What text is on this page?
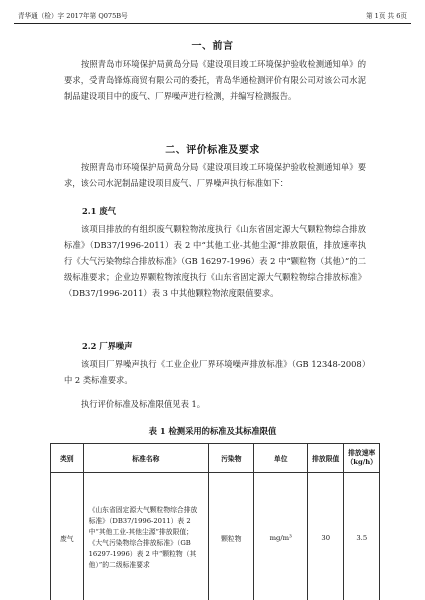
青华通（检）字 2017年第 Q075B号	第 1页 共 6页
一、前言

按照青岛市环境保护局黄岛分局《建设项目竣工环境保护验收检测通知单》的要求，受青岛锋炼商贸有限公司的委托，青岛华通检测评价有限公司对该公司水泥制品建设项目中的废气、厂界噪声进行检测，并编写检测报告。

二、评价标准及要求

按照青岛市环境保护局黄岛分局《建设项目竣工环境保护验收检测通知单》要求，该公司水泥制品建设项目废气、厂界噪声执行标准如下：

2.1 废气

该项目排放的有组织废气颗粒物浓度执行《山东省固定源大气颗粒物综合排放标准》（DB37/1996-2011）表 2 中“其他工业-其他尘源”排放限值，排放速率执行《大气污染物综合排放标准》（GB 16297-1996）表 2 中“颗粒物（其他）”的二级标准要求；企业边界颗粒物浓度执行《山东省固定源大气颗粒物综合排放标准》（DB37/1996-2011）表 3 中其他颗粒物浓度限值要求。

2.2 厂界噪声

该项目厂界噪声执行《工业企业厂界环境噪声排放标准》（GB 12348-2008）中 2 类标准要求。

执行评价标准及标准限值见表 1。

表 1 检测采用的标准及其标准限值
类别	标准名称	污染物	单位	排放限值	排放速率
（kg/h）
废气	《山东省固定源大气颗粒物综合排放标准》（DB37/1996-2011）表 2 中“其他工业-其他尘源”排放限值；《大气污染物综合排放标准》（GB 16297-1996）表 2 中“颗粒物（其他）”的二级标准要求	颗粒物	mg/m³	30	3.5
